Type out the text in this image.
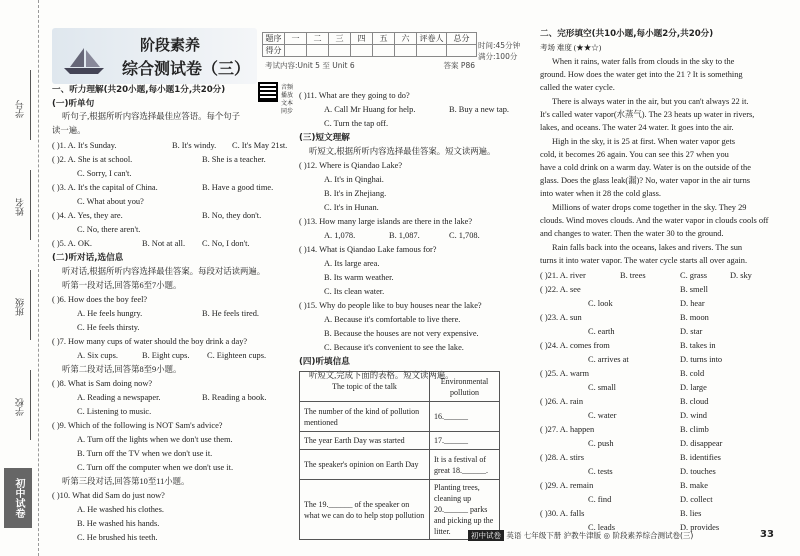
学号
姓名
班级
学校
初中试卷
阶段素养
综合测试卷（三）
题序	一	二	三	四	五	六	评卷人	总分
得分								
时间:45分钟
满分:100分
考试内容:Unit 5 至 Unit 6	答案 P86
音频播放 文本同步
一、听力理解(共20小题,每小题1分,共20分)
(一)听单句
听句子,根据所听内容选择最佳应答语。每个句子
读一遍。
( )1. A. It's Sunday.	B. It's windy. C. It's May 21st.
( )2. A. She is at school.	B. She is a teacher.
C. Sorry, I can't.
( )3. A. It's the capital of China.	B. Have a good time.
C. What about you?
( )4. A. Yes, they are.	B. No, they don't.
C. No, there aren't.
( )5. A. OK.	B. Not at all. C. No, I don't.
(二)听对话,选信息
听对话,根据所听内容选择最佳答案。每段对话读两遍。
听第一段对话,回答第6至7小题。
( )6. How does the boy feel?
A. He feels hungry.	B. He feels tired.
C. He feels thirsty.
( )7. How many cups of water should the boy drink a day?
A. Six cups.	B. Eight cups. C. Eighteen cups.
听第二段对话,回答第8至9小题。
( )8. What is Sam doing now?
A. Reading a newspaper.	B. Reading a book.
C. Listening to music.
( )9. Which of the following is NOT Sam's advice?
A. Turn off the lights when we don't use them.
B. Turn off the TV when we don't use it.
C. Turn off the computer when we don't use it.
听第三段对话,回答第10至11小题。
( )10. What did Sam do just now?
A. He washed his clothes.
B. He washed his hands.
C. He brushed his teeth.
( )11. What are they going to do?
A. Call Mr Huang for help.	B. Buy a new tap.
C. Turn the tap off.
(三)短文理解
听短文,根据所听内容选择最佳答案。短文读两遍。
( )12. Where is Qiandao Lake?
A. It's in Qinghai.
B. It's in Zhejiang.
C. It's in Hunan.
( )13. How many large islands are there in the lake?
A. 1,078.	B. 1,087.	C. 1,708.
( )14. What is Qiandao Lake famous for?
A. Its large area.
B. Its warm weather.
C. Its clean water.
( )15. Why do people like to buy houses near the lake?
A. Because it's comfortable to live there.
B. Because the houses are not very expensive.
C. Because it's convenient to see the lake.
(四)听填信息
听短文,完成下面的表格。短文读两遍。
The topic of the talk	Environmental pollution
The number of the kind of pollution mentioned	16.______
The year Earth Day was started	17.______
The speaker's opinion on Earth Day	It is a festival of great 18.______.
The 19.______ of the speaker on what we can do to help stop pollution	Planting trees, cleaning up 20.______ parks and picking up the litter.
二、完形填空(共10小题,每小题2分,共20分)
考场 难度 (★★☆)
When it rains, water falls from clouds in the sky to the
ground. How does the water get into the 21 ? It is something
called the water cycle.
There is always water in the air, but you can't always 22 it.
It's called water vapor(水蒸气). The 23 heats up water in rivers,
lakes, and oceans. The water 24 water. It goes into the air.
High in the sky, it is 25 at first. When water vapor gets
cold, it becomes 26 again. You can see this 27 when you
have a cold drink on a warm day. Water is on the outside of the
glass. Does the glass leak(漏)? No, water vapor in the air turns
into water when it 28 the cold glass.
Millions of water drops come together in the sky. They 29
clouds. Wind moves clouds. And the water vapor in clouds cools off
and changes to water. Then the water 30 to the ground.
Rain falls back into the oceans, lakes and rivers. The sun
turns it into water vapor. The water cycle starts all over again.
( )21. A. river	B. trees	C. grass	D. sky
( )22. A. see	B. smell
C. look	D. hear
( )23. A. sun	B. moon
C. earth	D. star
( )24. A. comes from	B. takes in
C. arrives at	D. turns into
( )25. A. warm	B. cold
C. small	D. large
( )26. A. rain	B. cloud
C. water	D. wind
( )27. A. happen	B. climb
C. push	D. disappear
( )28. A. stirs	B. identifies
C. tests	D. touches
( )29. A. remain	B. make
C. find	D. collect
( )30. A. falls	B. lies
C. leads	D. provides
初中试卷 英语 七年级下册 沪教牛津版 ◎ 阶段素养综合测试卷(三)	33
